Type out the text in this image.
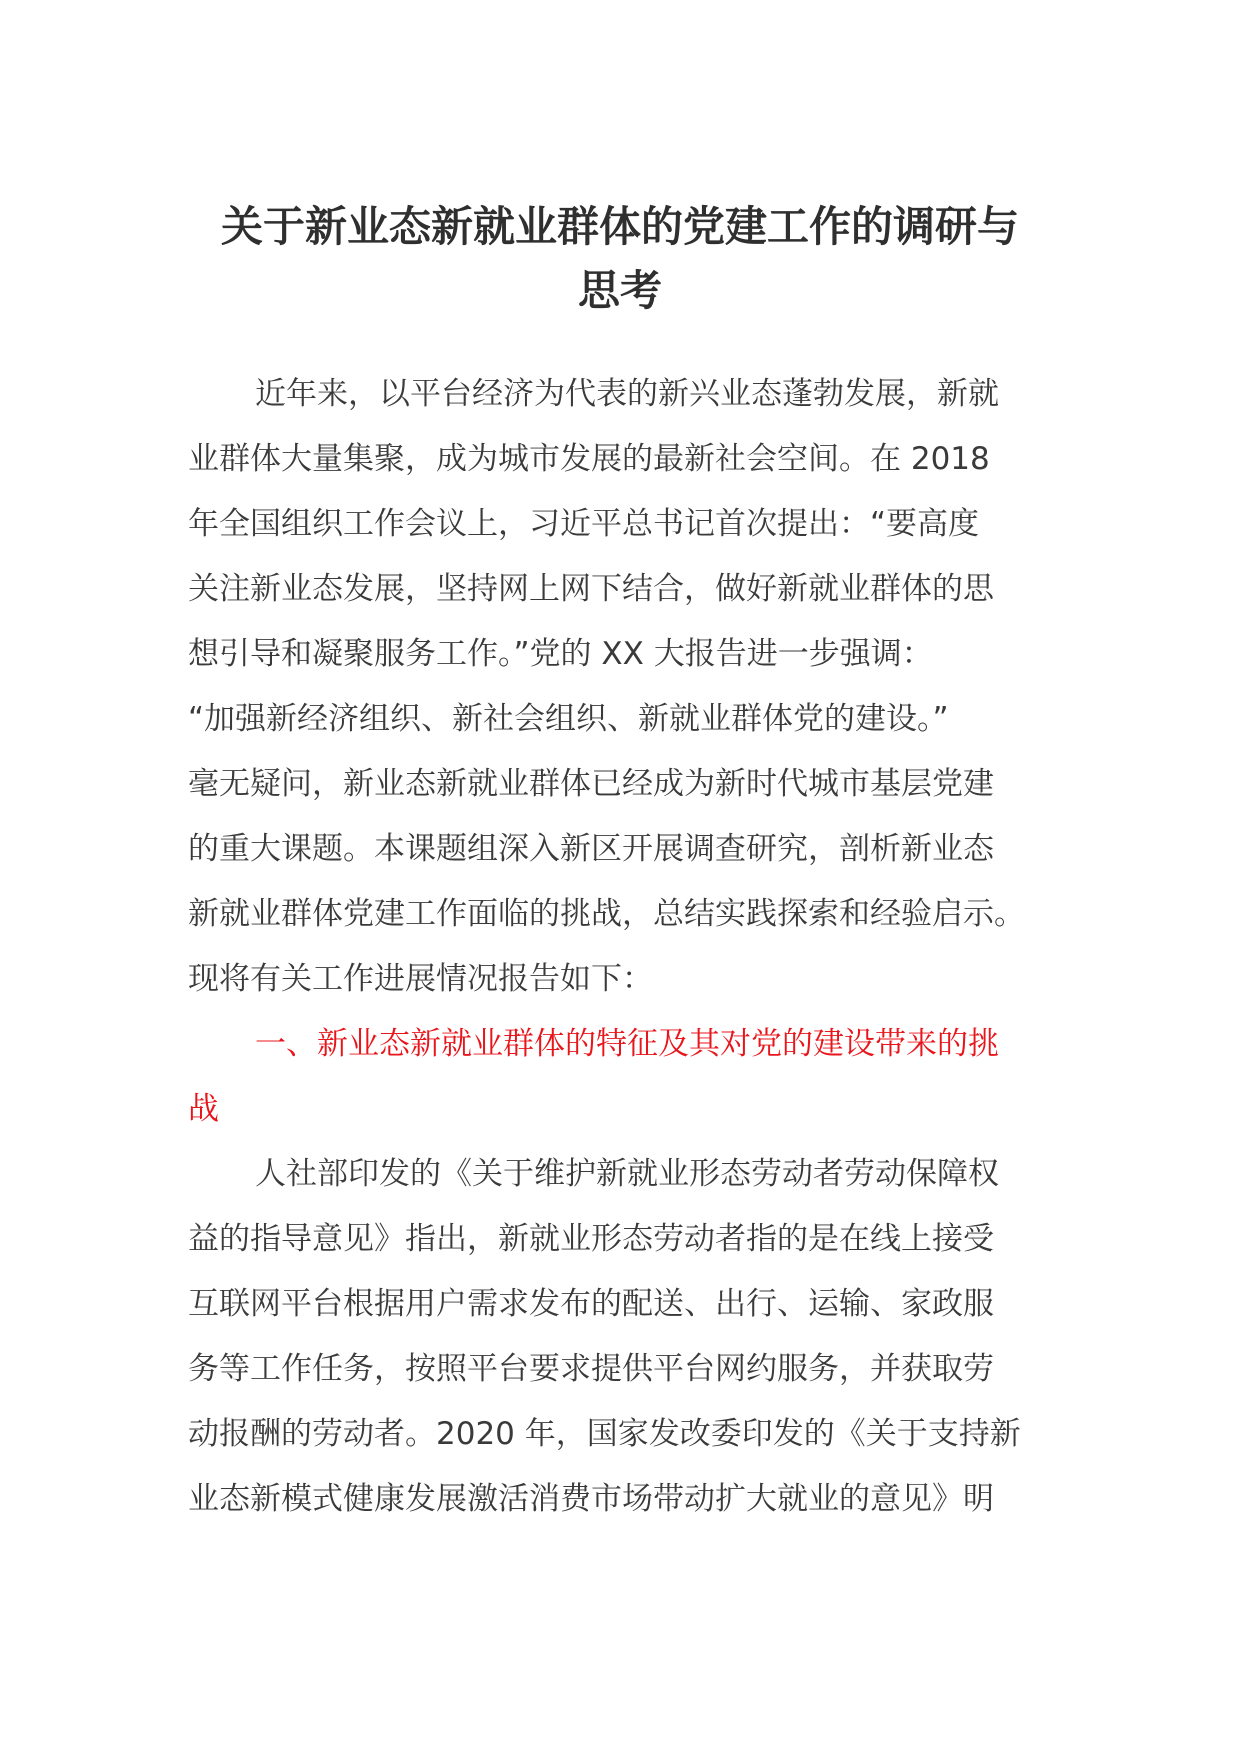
关于新业态新就业群体的党建工作的调研与
思考
近年来，以平台经济为代表的新兴业态蓬勃发展，新就
业群体大量集聚，成为城市发展的最新社会空间。在 2018
年全国组织工作会议上，习近平总书记首次提出：“要高度
关注新业态发展，坚持网上网下结合，做好新就业群体的思
想引导和凝聚服务工作。”党的 XX 大报告进一步强调：
“加强新经济组织、新社会组织、新就业群体党的建设。”
毫无疑问，新业态新就业群体已经成为新时代城市基层党建
的重大课题。本课题组深入新区开展调查研究，剖析新业态
新就业群体党建工作面临的挑战，总结实践探索和经验启示。
现将有关工作进展情况报告如下：
一、新业态新就业群体的特征及其对党的建设带来的挑
战
人社部印发的《关于维护新就业形态劳动者劳动保障权
益的指导意见》指出，新就业形态劳动者指的是在线上接受
互联网平台根据用户需求发布的配送、出行、运输、家政服
务等工作任务，按照平台要求提供平台网约服务，并获取劳
动报酬的劳动者。2020 年，国家发改委印发的《关于支持新
业态新模式健康发展激活消费市场带动扩大就业的意见》明
